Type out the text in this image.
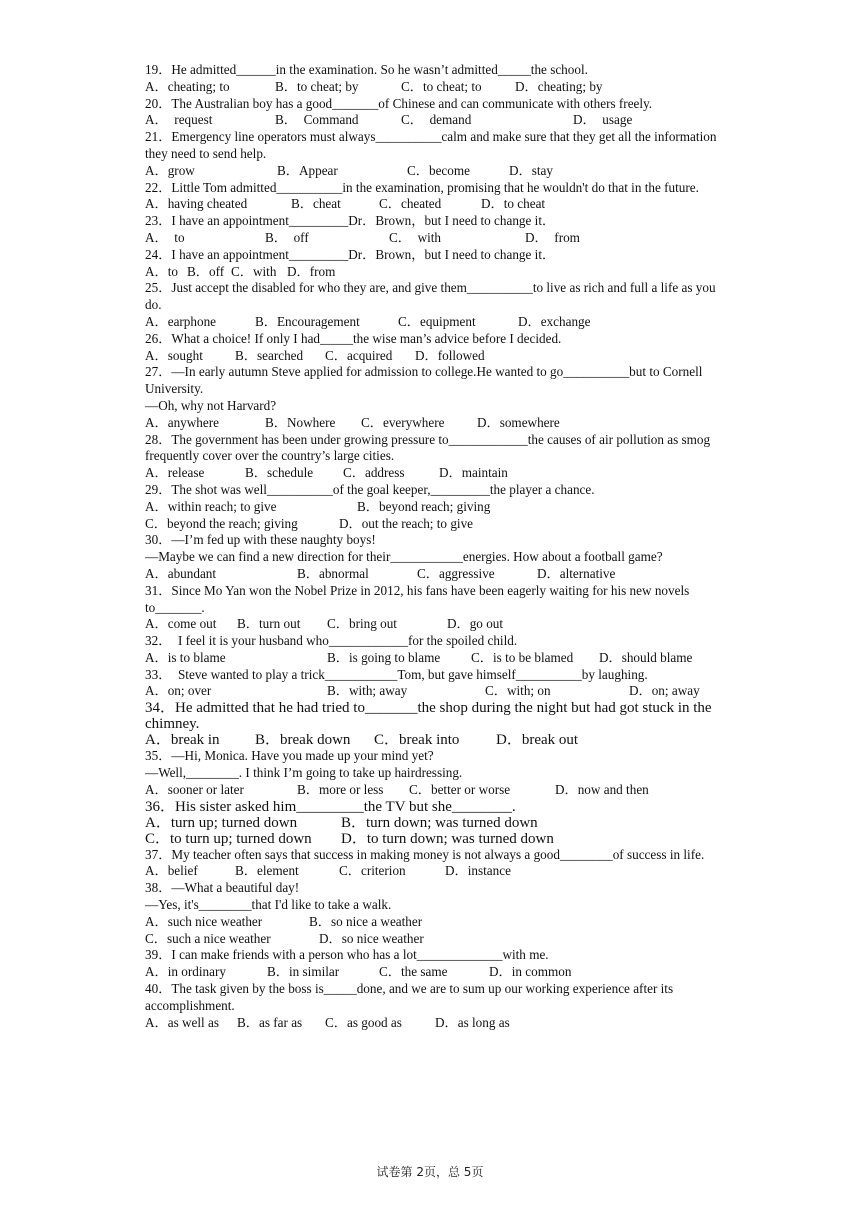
19．He admitted______in the examination. So he wasn’t admitted_____the school.
A．cheating; to	B．to cheat; by	C．to cheat; to	D．cheating; by
20．The Australian boy has a good_______of Chinese and can communicate with others freely.
A．  request	B．  Command	C．  demand	D．  usage
21．Emergency line operators must always__________calm and make sure that they get all the information they need to send help.
A．grow	B．Appear	C．become	D．stay
22．Little Tom admitted__________in the examination, promising that he wouldn't do that in the future.
A．having cheated	B．cheat	C．cheated	D．to cheat
23．I have an appointment_________Dr．Brown，but I need to change it．
A．  to	B．  off	C．  with	D．  from
24．I have an appointment_________Dr．Brown，but I need to change it．
A．to B．off C．with D．from
25．Just accept the disabled for who they are, and give them__________to live as rich and full a life as you do.
A．earphone	B．Encouragement	C．equipment	D．exchange
26．What a choice! If only I had_____the wise man’s advice before I decided.
A．sought	B．searched	C．acquired	D．followed
27．—In early autumn Steve applied for admission to college.He wanted to go__________but to Cornell University.
—Oh, why not Harvard?
A．anywhere	B．Nowhere	C．everywhere	D．somewhere
28．The government has been under growing pressure to____________the causes of air pollution as smog frequently cover over the country’s large cities.
A．release	B．schedule	C．address	D．maintain
29．The shot was well__________of the goal keeper,_________the player a chance.
A．within reach; to give	B．beyond reach; giving
C．beyond the reach; giving	D．out the reach; to give
30．—I’m fed up with these naughty boys!
—Maybe we can find a new direction for their___________energies. How about a football game?
A．abundant	B．abnormal	C．aggressive	D．alternative
31．Since Mo Yan won the Nobel Prize in 2012, his fans have been eagerly waiting for his new novels to_______.
A．come out	B．turn out	C．bring out	D．go out
32．  I feel it is your husband who____________for the spoiled child.
A．is to blame	B．is going to blame	C．is to be blamed	D．should blame
33．  Steve wanted to play a trick___________Tom, but gave himself__________by laughing.
A．on; over	B．with; away	C．with; on	D．on; away
34．He admitted that he had tried to_______the shop during the night but had got stuck in the chimney.
A．break in	B．break down	C．break into	D．break out
35．—Hi, Monica. Have you made up your mind yet?
—Well,________. I think I’m going to take up hairdressing.
A．sooner or later	B．more or less	C．better or worse	D．now and then
36．His sister asked him_________the TV but she________.
A．turn up; turned down	B．turn down; was turned down
C．to turn up; turned down	D．to turn down; was turned down
37．My teacher often says that success in making money is not always a good________of success in life.
A．belief	B．element	C．criterion	D．instance
38．—What a beautiful day!
—Yes, it's________that I'd like to take a walk.
A．such nice weather	B．so nice a weather
C．such a nice weather	D．so nice weather
39．I can make friends with a person who has a lot_____________with me.
A．in ordinary	B．in similar	C．the same	D．in common
40．The task given by the boss is_____done, and we are to sum up our working experience after its accomplishment.
A．as well as	B．as far as	C．as good as	D．as long as
试卷第 2页，总 5页
